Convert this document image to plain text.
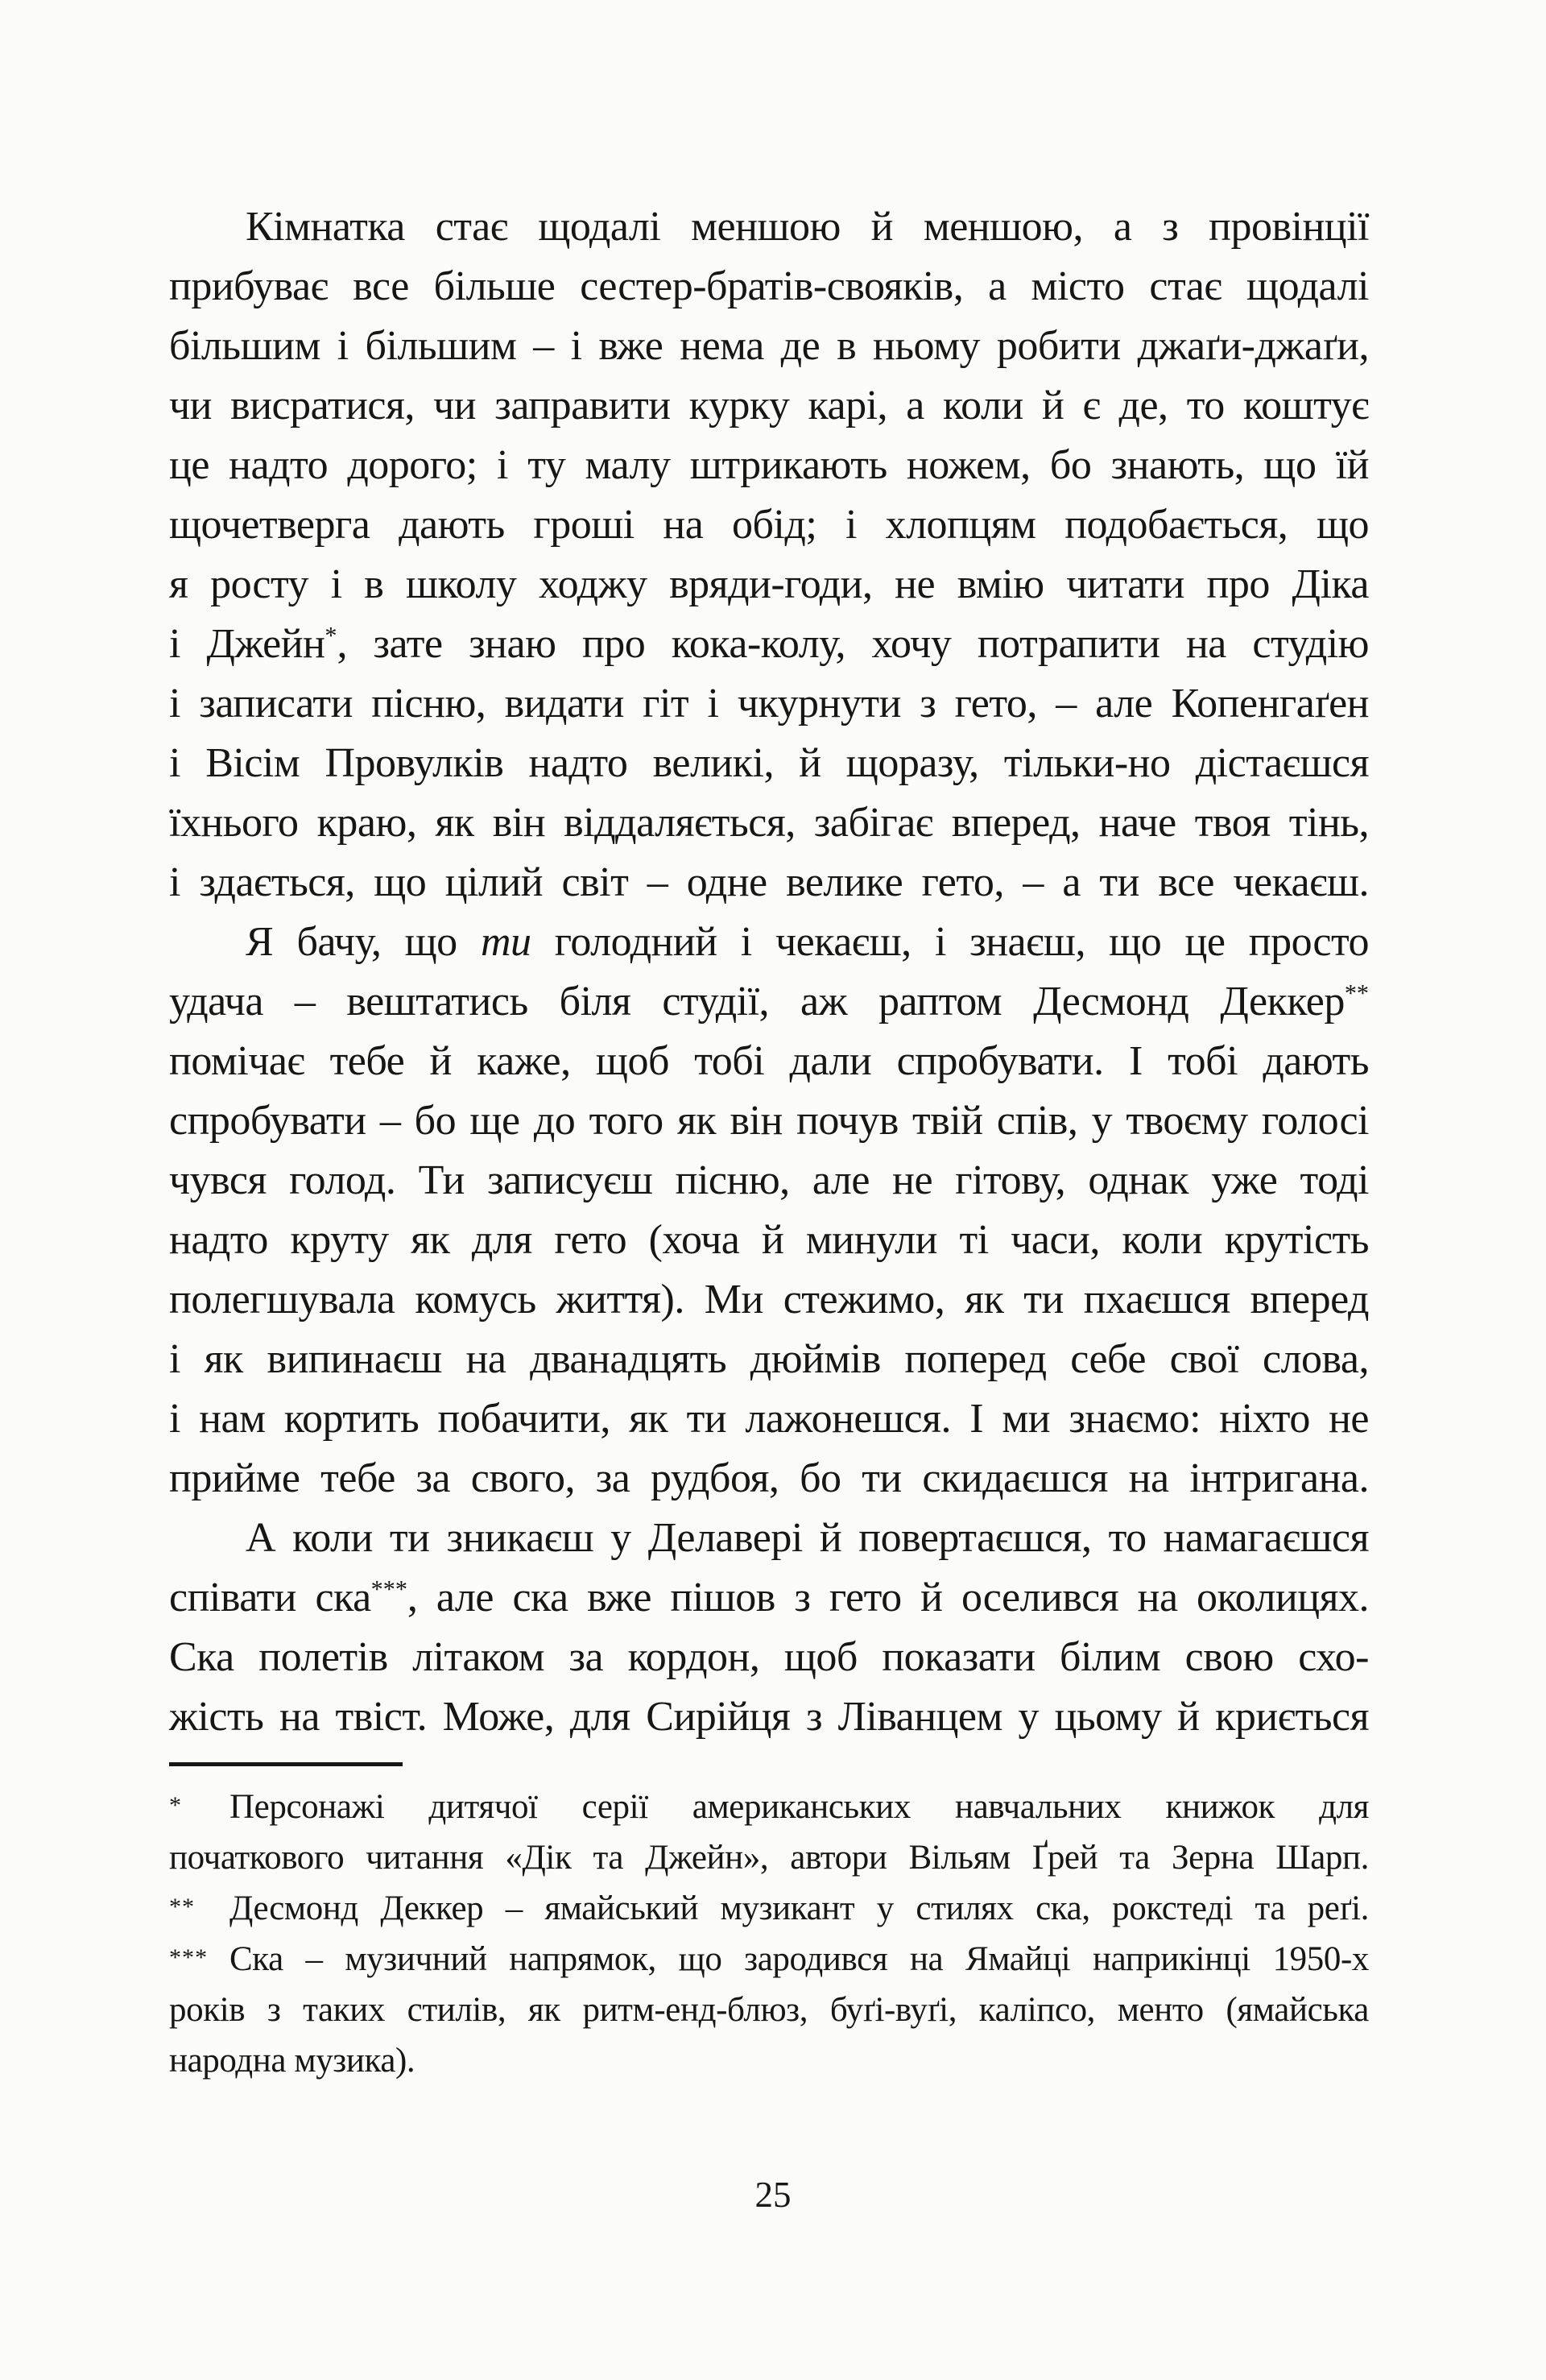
Кімнатка стає щодалі меншою й меншою, а з провінції
прибуває все більше сестер-братів-свояків, а місто стає щодалі
більшим і більшим – і вже нема де в ньому робити джаґи-джаґи,
чи висратися, чи заправити курку карі, а коли й є де, то коштує
це надто дорого; і ту малу штрикають ножем, бо знають, що їй
щочетверга дають гроші на обід; і хлопцям подобається, що
я росту і в школу ходжу вряди-годи, не вмію читати про Діка
і Джейн*, зате знаю про кока-колу, хочу потрапити на студію
і записати пісню, видати гіт і чкурнути з гето, – але Копенгаґен
і Вісім Провулків надто великі, й щоразу, тільки-но дістаєшся
їхнього краю, як він віддаляється, забігає вперед, наче твоя тінь,
і здається, що цілий світ – одне велике гето, – а ти все чекаєш.
Я бачу, що ти голодний і чекаєш, і знаєш, що це просто
удача – вештатись біля студії, аж раптом Десмонд Деккер**
помічає тебе й каже, щоб тобі дали спробувати. І тобі дають
спробувати – бо ще до того як він почув твій спів, у твоєму голосі
чувся голод. Ти записуєш пісню, але не гітову, однак уже тоді
надто круту як для гето (хоча й минули ті часи, коли крутість
полегшувала комусь життя). Ми стежимо, як ти пхаєшся вперед
і як випинаєш на дванадцять дюймів поперед себе свої слова,
і нам кортить побачити, як ти лажонешся. І ми знаємо: ніхто не
прийме тебе за свого, за рудбоя, бо ти скидаєшся на інтригана.
А коли ти зникаєш у Делавері й повертаєшся, то намагаєшся
співати ска***, але ска вже пішов з гето й оселився на околицях.
Ска полетів літаком за кордон, щоб показати білим свою схо-
жість на твіст. Може, для Сирійця з Ліванцем у цьому й криється
* Персонажі дитячої серії американських навчальних книжок для
початкового читання «Дік та Джейн», автори Вільям Ґрей та Зерна Шарп.
** Десмонд Деккер – ямайський музикант у стилях ска, рокстеді та реґі.
*** Ска – музичний напрямок, що зародився на Ямайці наприкінці 1950-х
років з таких стилів, як ритм-енд-блюз, буґі-вуґі, каліпсо, менто (ямайська
народна музика).
25
